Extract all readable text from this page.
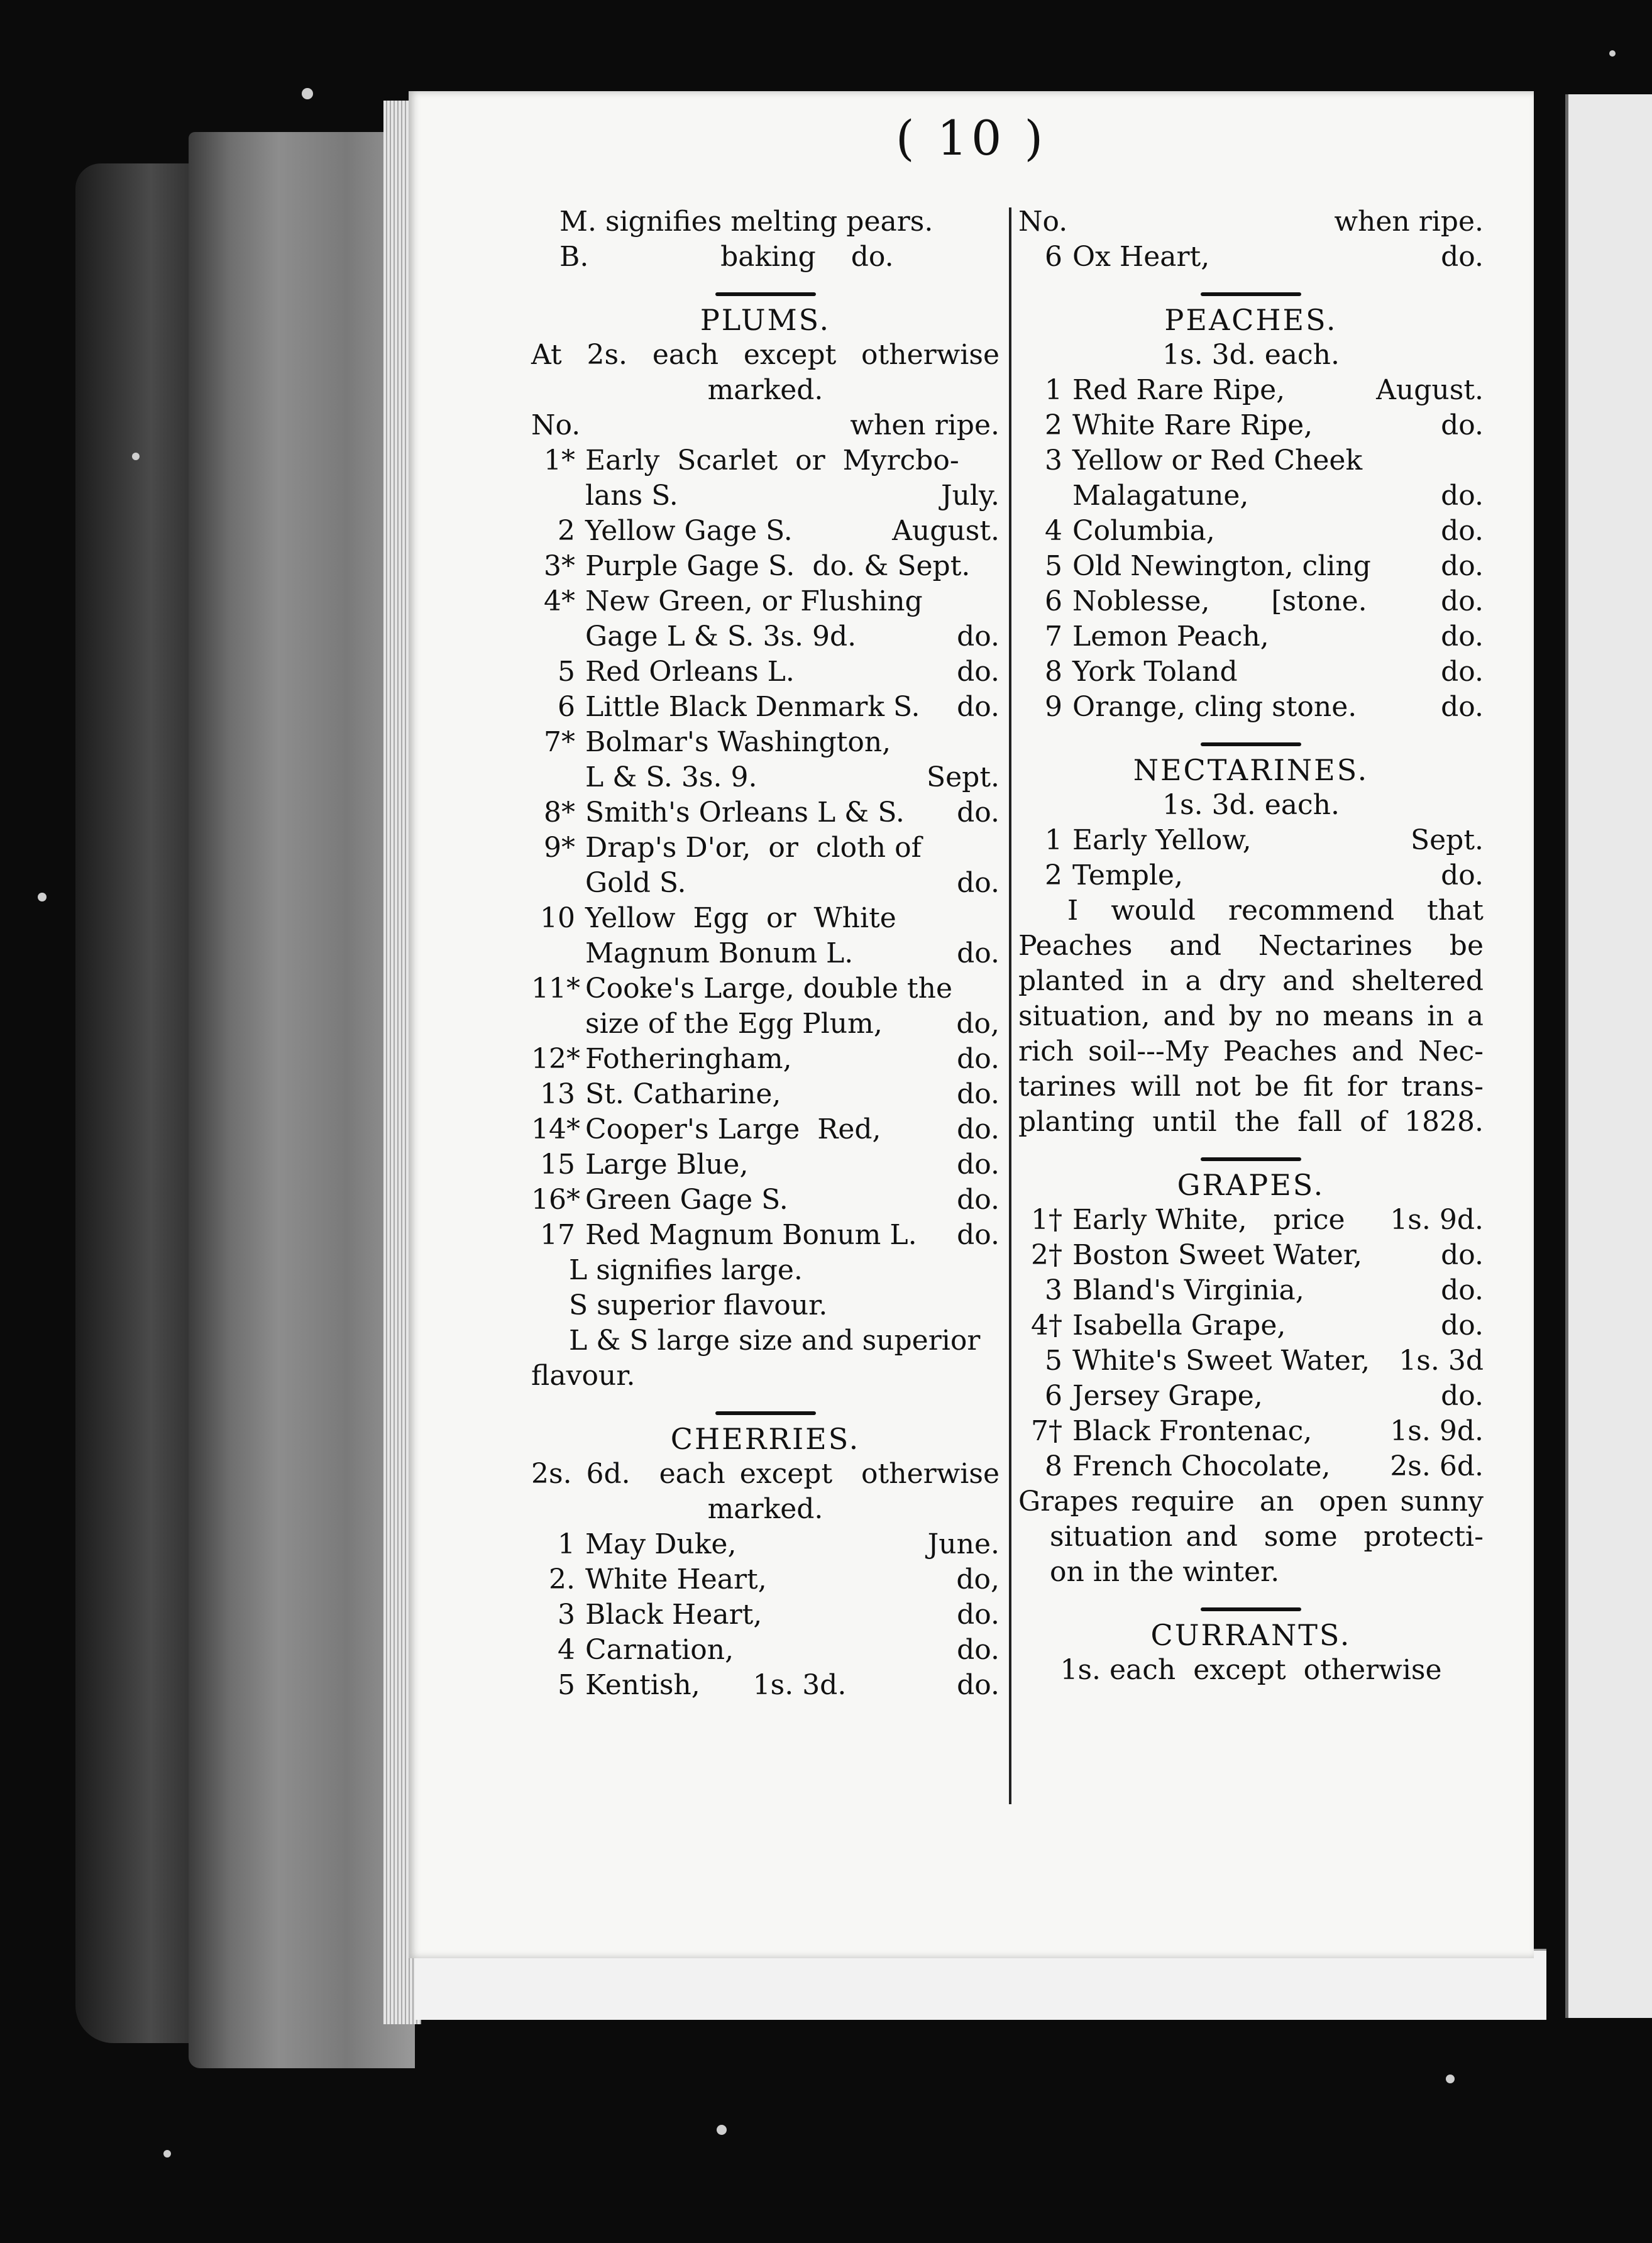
( 10 )
M. signifies melting pears.
B.               baking    do.
PLUMS.
At 2s. each except otherwise
marked.
No.	when ripe.
1* Early  Scarlet  or  Myrcbo-
lans S.	July.
2 Yellow Gage S.	August.
3* Purple Gage S.  do. & Sept.
4* New Green, or Flushing
Gage L & S. 3s. 9d.	do.
5 Red Orleans L.	do.
6 Little Black Denmark S.	do.
7* Bolmar's Washington,
L & S. 3s. 9.	Sept.
8* Smith's Orleans L & S.	do.
9* Drap's D'or,  or  cloth of
Gold S.	do.
10 Yellow  Egg  or  White
Magnum Bonum L.	do.
11* Cooke's Large, double the
size of the Egg Plum,	do,
12* Fotheringham,	do.
13 St. Catharine,	do.
14* Cooper's Large  Red,	do.
15 Large Blue,	do.
16* Green Gage S.	do.
17 Red Magnum Bonum L.	do.
L signifies large.
S superior flavour.
L & S large size and superior
flavour.
CHERRIES.
2s. 6d.  each except  otherwise
marked.
1 May Duke,	June.
2. White Heart,	do,
3 Black Heart,	do.
4 Carnation,	do.
5 Kentish,      1s. 3d.	do.
No.	when ripe.
6 Ox Heart,	do.
PEACHES.
1s. 3d. each.
1 Red Rare Ripe,	August.
2 White Rare Ripe,	do.
3 Yellow or Red Cheek
Malagatune,	do.
4 Columbia,	do.
5 Old Newington, cling	do.
6 Noblesse,       [stone.	do.
7 Lemon Peach,	do.
8 York Toland	do.
9 Orange, cling stone.	do.
NECTARINES.
1s. 3d. each.
1 Early Yellow,	Sept.
2 Temple,	do.
I  would  recommend  that
Peaches  and  Nectarines  be
planted in a dry and sheltered
situation, and by no means in a
rich soil---My Peaches and Nec-
tarines will not be fit for trans-
planting until the fall of 1828.
GRAPES.
1† Early White,   price	1s. 9d.
2† Boston Sweet Water,	do.
3 Bland's Virginia,	do.
4† Isabella Grape,	do.
5 White's Sweet Water,	1s. 3d
6 Jersey Grape,	do.
7† Black Frontenac,	1s. 9d.
8 French Chocolate,	2s. 6d.
Grapes require  an  open sunny
situation and  some  protecti-
on in the winter.
CURRANTS.
1s. each  except  otherwise
